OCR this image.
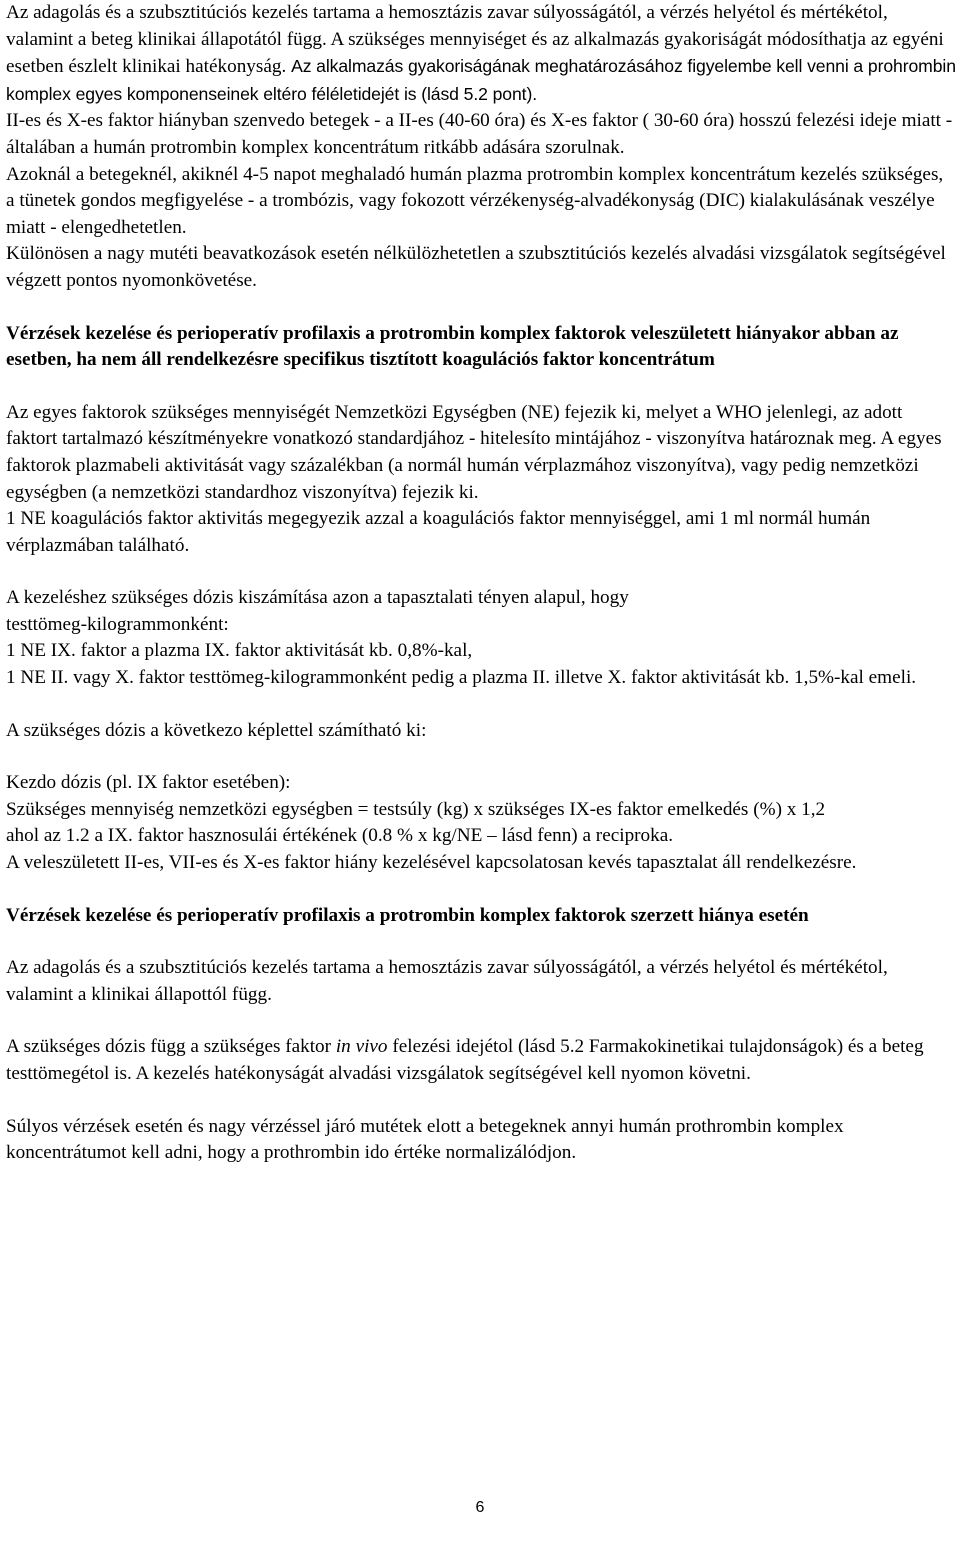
Az adagolás és a szubsztitúciós kezelés tartama a hemosztázis zavar súlyosságától, a vérzés helyétol és mértékétol, valamint a beteg klinikai állapotától függ. A szükséges mennyiséget és az alkalmazás gyakoriságát módosíthatja az egyéni esetben észlelt klinikai hatékonyság. Az alkalmazás gyakoriságának meghatározásához figyelembe kell venni a prohrombin komplex egyes komponenseinek eltéro féléletidejét is (lásd 5.2 pont).

II-es és X-es faktor hiányban szenvedo betegek - a II-es (40-60 óra) és X-es faktor ( 30-60 óra) hosszú felezési ideje miatt - általában a humán protrombin komplex koncentrátum ritkább adására szorulnak.

Azoknál a betegeknél, akiknél 4-5 napot meghaladó humán plazma protrombin komplex koncentrátum kezelés szükséges, a tünetek gondos megfigyelése - a trombózis, vagy fokozott vérzékenység-alvadékonyság (DIC) kialakulásának veszélye miatt - elengedhetetlen.

Különösen a nagy mutéti beavatkozások esetén nélkülözhetetlen a szubsztitúciós kezelés alvadási vizsgálatok segítségével végzett pontos nyomonkövetése.

Vérzések kezelése és perioperatív profilaxis a protrombin komplex faktorok veleszületett hiányakor abban az esetben, ha nem áll rendelkezésre specifikus tisztított koagulációs faktor koncentrátum

Az egyes faktorok szükséges mennyiségét Nemzetközi Egységben (NE) fejezik ki, melyet a WHO jelenlegi, az adott faktort tartalmazó készítményekre vonatkozó standardjához - hitelesíto mintájához - viszonyítva határoznak meg. A egyes faktorok plazmabeli aktivitását vagy százalékban (a normál humán vérplazmához viszonyítva), vagy pedig nemzetközi egységben (a nemzetközi standardhoz viszonyítva) fejezik ki.

1 NE koagulációs faktor aktivitás megegyezik azzal a koagulációs faktor mennyiséggel, ami 1 ml normál humán vérplazmában található.

A kezeléshez szükséges dózis kiszámítása azon a tapasztalati tényen alapul, hogy
testtömeg-kilogrammonként:
1 NE IX. faktor a plazma IX. faktor aktivitását kb. 0,8%-kal,
1 NE II. vagy X. faktor testtömeg-kilogrammonként pedig a plazma II. illetve X. faktor aktivitását kb. 1,5%-kal emeli.

A szükséges dózis a következo képlettel számítható ki:

Kezdo dózis (pl. IX faktor esetében):
Szükséges mennyiség nemzetközi egységben = testsúly (kg) x szükséges IX-es faktor emelkedés (%) x 1,2
ahol az 1.2 a IX. faktor hasznosulái értékének (0.8 % x kg/NE – lásd fenn) a reciproka.
A veleszületett II-es, VII-es és X-es faktor hiány kezelésével kapcsolatosan kevés tapasztalat áll rendelkezésre.

Vérzések kezelése és perioperatív profilaxis a protrombin komplex faktorok szerzett hiánya esetén

Az adagolás és a szubsztitúciós kezelés tartama a hemosztázis zavar súlyosságától, a vérzés helyétol és mértékétol, valamint a klinikai állapottól függ.

A szükséges dózis függ a szükséges faktor in vivo felezési idejétol (lásd 5.2 Farmakokinetikai tulajdonságok) és a beteg testtömegétol is. A kezelés hatékonyságát alvadási vizsgálatok segítségével kell nyomon követni.

Súlyos vérzések esetén és nagy vérzéssel járó mutétek elott a betegeknek annyi humán prothrombin komplex koncentrátumot kell adni, hogy a prothrombin ido értéke normalizálódjon.

6
